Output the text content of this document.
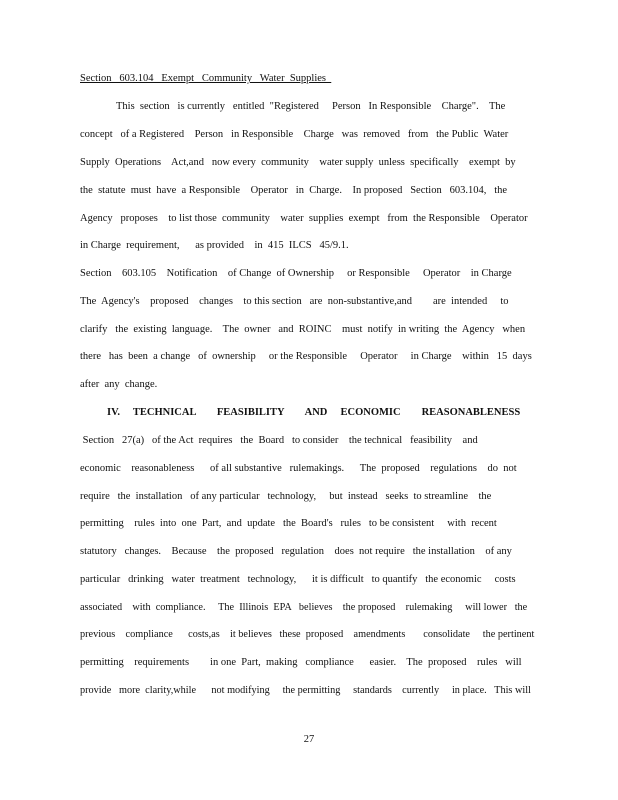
Section   603.104   Exempt   Community   Water  Supplies
This  section   is currently   entitled  "Registered     Person   In Responsible    Charge".    The
concept   of a Registered    Person   in Responsible    Charge   was  removed   from   the Public  Water
Supply  Operations    Act,and   now every  community    water supply  unless  specifically    exempt  by
the  statute  must  have  a Responsible    Operator   in  Charge.    In proposed   Section   603.104,   the
Agency   proposes    to list those  community    water  supplies  exempt   from  the Responsible    Operator
in Charge  requirement,      as provided    in  415  ILCS   45/9.1.
Section    603.105    Notification    of Change  of Ownership     or Responsible     Operator    in Charge
The  Agency's    proposed    changes    to this section   are  non-substantive,and        are  intended     to
clarify   the  existing  language.    The  owner   and  ROINC    must  notify  in writing  the  Agency   when
there   has  been  a change   of  ownership     or the Responsible     Operator     in Charge    within   15  days
after  any  change.
IV.     TECHNICAL        FEASIBILITY        AND     ECONOMIC        REASONABLENESS
Section   27(a)   of the Act  requires   the  Board   to consider    the technical   feasibility    and
economic    reasonableness      of all substantive   rulemakings.      The  proposed    regulations    do  not
require   the  installation   of any particular   technology,     but  instead   seeks  to streamline    the
permitting    rules  into  one  Part,  and  update   the  Board's   rules   to be consistent     with  recent
statutory   changes.    Because    the  proposed   regulation    does  not require   the installation    of any
particular   drinking   water  treatment   technology,      it is difficult   to quantify   the economic     costs
associated    with  compliance.     The  Illinois  EPA   believes    the proposed    rulemaking     will lower   the
previous    compliance      costs,as    it believes   these  proposed    amendments       consolidate     the pertinent
permitting    requirements        in one  Part,  making   compliance      easier.    The  proposed    rules   will
provide   more  clarity,while      not modifying     the permitting     standards    currently     in place.   This will
27
